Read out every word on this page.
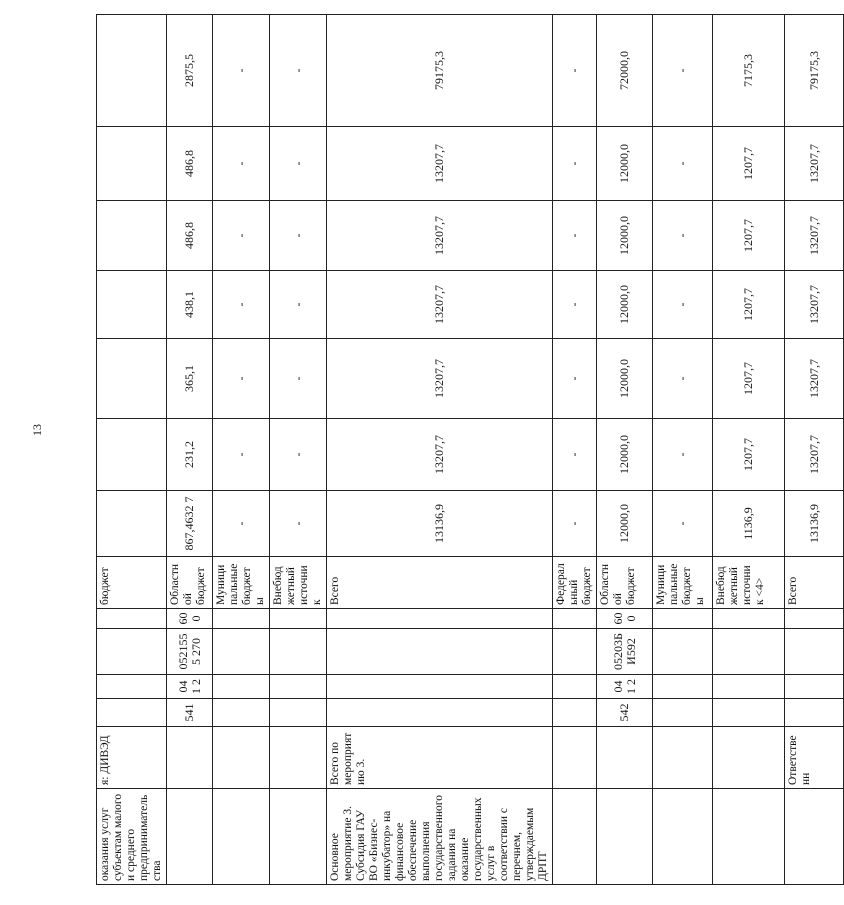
13
оказания услуг субъектам малого и среднего предпринимательства	я: ДИВЭД					бюджет							
		541	041 2	0521555 270	600	Областной бюджет	867,4632 7	231,2	365,1	438,1	486,8	486,8	2875,5
						Муниципальные бюджеты	-	-	-	-	-	-	-
						Внебюджетный источник	-	-	-	-	-	-	-
Основное мероприятие 3. Субсидия ГАУ ВО «Бизнес-инкубатор» на финансовое обеспечение выполнения государственного задания на оказание государственных услуг в соответствии с перечнем, утверждаемым ДРПТ	Всего по мероприятию 3.					Всего	13136,9	13207,7	13207,7	13207,7	13207,7	13207,7	79175,3
						Федеральный бюджет	-	-	-	-	-	-	-
		542	041 2	05203Б И592	600	Областной бюджет	12000,0	12000,0	12000,0	12000,0	12000,0	12000,0	72000,0
						Муниципальные бюджеты	-	-	-	-	-	-	-
						Внебюджетный источник <4>	1136,9	1207,7	1207,7	1207,7	1207,7	1207,7	7175,3
	Ответственн					Всего	13136,9	13207,7	13207,7	13207,7	13207,7	13207,7	79175,3
